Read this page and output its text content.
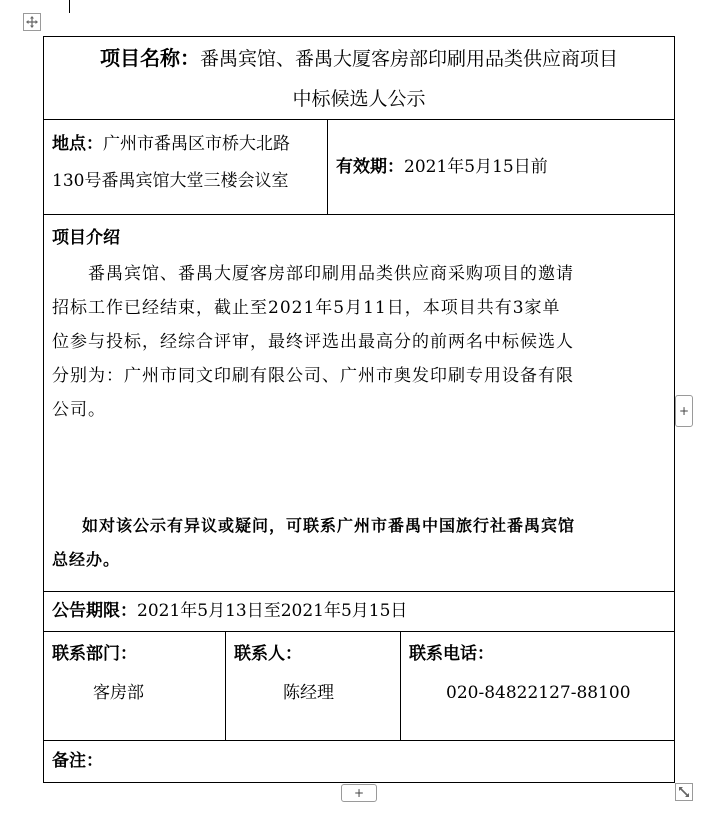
项目名称：番禺宾馆、番禺大厦客房部印刷用品类供应商项目
中标候选人公示
地点：广州市番禺区市桥大北路
130号番禺宾馆大堂三楼会议室
有效期：2021年5月15日前
项目介绍
番禺宾馆、番禺大厦客房部印刷用品类供应商采购项目的邀请
招标工作已经结束，截止至2021年5月11日，本项目共有3家单
位参与投标，经综合评审，最终评选出最高分的前两名中标候选人
分别为：广州市同文印刷有限公司、广州市奥发印刷专用设备有限
公司。
如对该公示有异议或疑问，可联系广州市番禺中国旅行社番禺宾馆
总经办。
公告期限：2021年5月13日至2021年5月15日
联系部门：
客房部
联系人：
陈经理
联系电话：
020-84822127-88100
备注：
+
+
